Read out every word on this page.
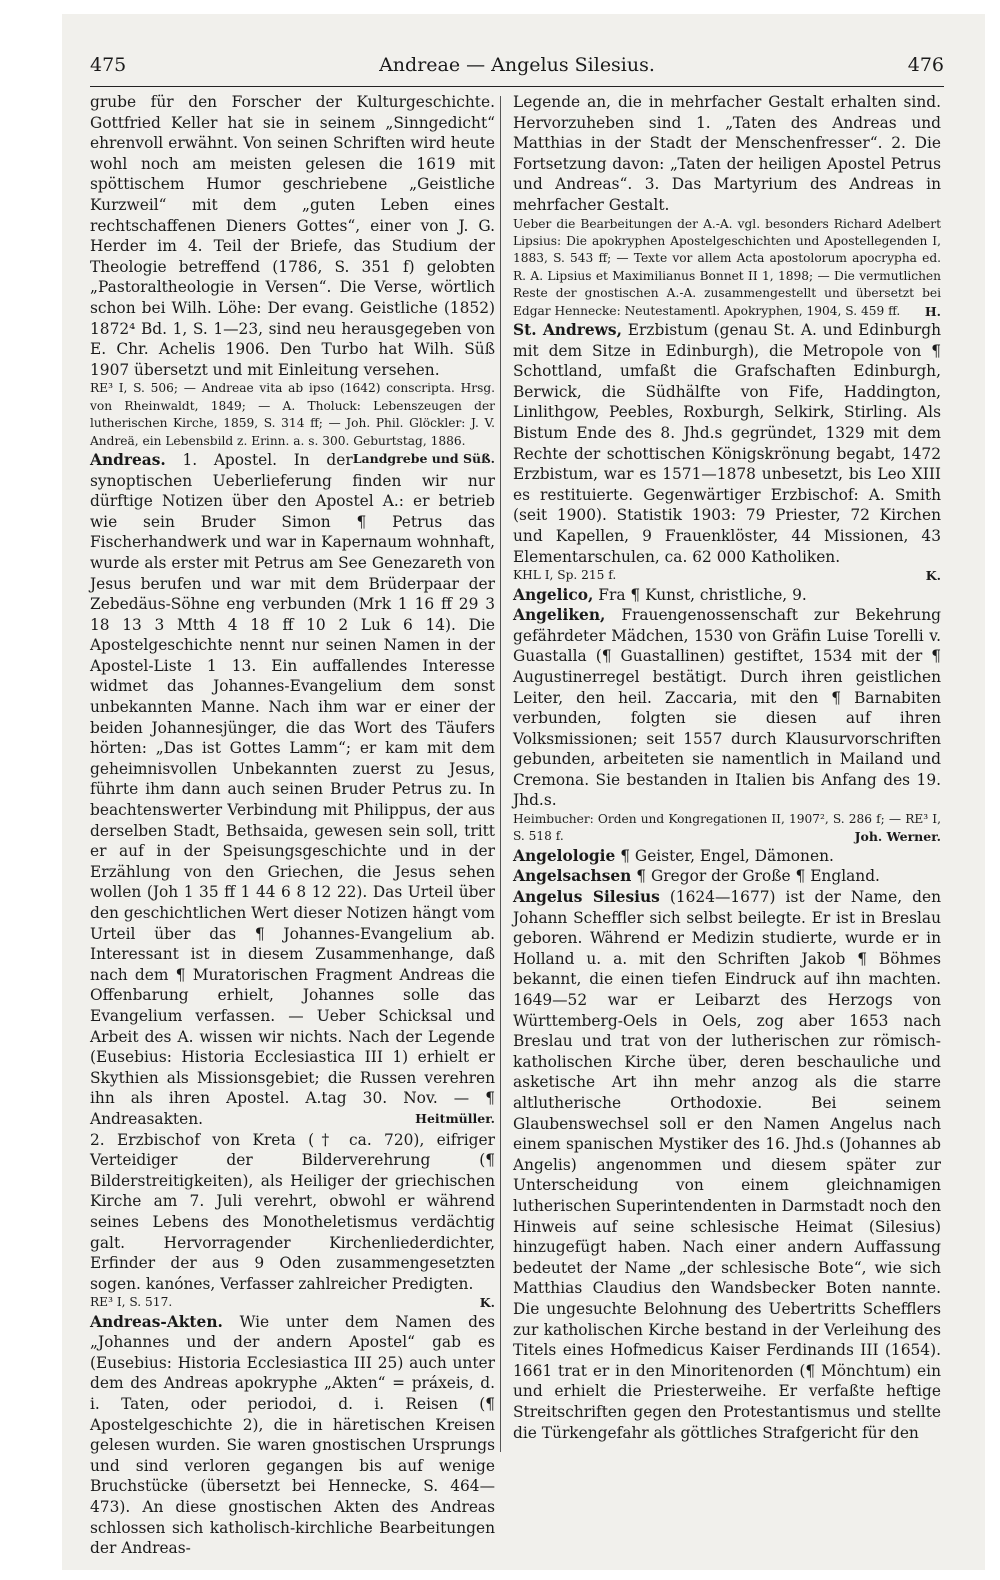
475	Andreae — Angelus Silesius.	476

grube für den Forscher der Kulturgeschichte. Gottfried Keller hat sie in seinem „Sinngedicht“ ehrenvoll erwähnt. Von seinen Schriften wird heute wohl noch am meisten gelesen die 1619 mit spöttischem Humor geschriebene „Geistliche Kurzweil“ mit dem „guten Leben eines rechtschaffenen Dieners Gottes“, einer von J. G. Herder im 4. Teil der Briefe, das Studium der Theologie betreffend (1786, S. 351 f) gelobten „Pastoraltheologie in Versen“. Die Verse, wörtlich schon bei Wilh. Löhe: Der evang. Geistliche (1852) 1872⁴ Bd. 1, S. 1—23, sind neu herausgegeben von E. Chr. Achelis 1906. Den Turbo hat Wilh. Süß 1907 übersetzt und mit Einleitung versehen.

RE³ I, S. 506; — Andreae vita ab ipso (1642) conscripta. Hrsg. von Rheinwaldt, 1849; — A. Tholuck: Lebenszeugen der lutherischen Kirche, 1859, S. 314 ff; — Joh. Phil. Glöckler: J. V. Andreä, ein Lebensbild z. Erinn. a. s. 300. Geburtstag, 1886.
Landgrebe und Süß.

Andreas. 1. Apostel. In der synoptischen Ueberlieferung finden wir nur dürftige Notizen über den Apostel A.: er betrieb wie sein Bruder Simon ¶ Petrus das Fischerhandwerk und war in Kapernaum wohnhaft, wurde als erster mit Petrus am See Genezareth von Jesus berufen und war mit dem Brüderpaar der Zebedäus-Söhne eng verbunden (Mrk 1 16 ff 29 3 18 13 3 Mtth 4 18 ff 10 2 Luk 6 14). Die Apostelgeschichte nennt nur seinen Namen in der Apostel-Liste 1 13. Ein auffallendes Interesse widmet das Johannes-Evangelium dem sonst unbekannten Manne. Nach ihm war er einer der beiden Johannesjünger, die das Wort des Täufers hörten: „Das ist Gottes Lamm“; er kam mit dem geheimnisvollen Unbekannten zuerst zu Jesus, führte ihm dann auch seinen Bruder Petrus zu. In beachtenswerter Verbindung mit Philippus, der aus derselben Stadt, Bethsaida, gewesen sein soll, tritt er auf in der Speisungsgeschichte und in der Erzählung von den Griechen, die Jesus sehen wollen (Joh 1 35 ff 1 44 6 8 12 22). Das Urteil über den geschichtlichen Wert dieser Notizen hängt vom Urteil über das ¶ Johannes-Evangelium ab. Interessant ist in diesem Zusammenhange, daß nach dem ¶ Muratorischen Fragment Andreas die Offenbarung erhielt, Johannes solle das Evangelium verfassen. — Ueber Schicksal und Arbeit des A. wissen wir nichts. Nach der Legende (Eusebius: Historia Ecclesiastica III 1) erhielt er Skythien als Missionsgebiet; die Russen verehren ihn als ihren Apostel. A.tag 30. Nov. — ¶ Andreasakten.	Heitmüller.

2. Erzbischof von Kreta († ca. 720), eifriger Verteidiger der Bilderverehrung (¶ Bilderstreitigkeiten), als Heiliger der griechischen Kirche am 7. Juli verehrt, obwohl er während seines Lebens des Monotheletismus verdächtig galt. Hervorragender Kirchenliederdichter, Erfinder der aus 9 Oden zusammengesetzten sogen. kanónes, Verfasser zahlreicher Predigten.

RE³ I, S. 517.	K.

Andreas-Akten. Wie unter dem Namen des „Johannes und der andern Apostel“ gab es (Eusebius: Historia Ecclesiastica III 25) auch unter dem des Andreas apokryphe „Akten“ = práxeis, d. i. Taten, oder periodoi, d. i. Reisen (¶ Apostelgeschichte 2), die in häretischen Kreisen gelesen wurden. Sie waren gnostischen Ursprungs und sind verloren gegangen bis auf wenige Bruchstücke (übersetzt bei Hennecke, S. 464—473). An diese gnostischen Akten des Andreas schlossen sich katholisch-kirchliche Bearbeitungen der Andreas-

Legende an, die in mehrfacher Gestalt erhalten sind. Hervorzuheben sind 1. „Taten des Andreas und Matthias in der Stadt der Menschenfresser“. 2. Die Fortsetzung davon: „Taten der heiligen Apostel Petrus und Andreas“. 3. Das Martyrium des Andreas in mehrfacher Gestalt.

Ueber die Bearbeitungen der A.-A. vgl. besonders Richard Adelbert Lipsius: Die apokryphen Apostelgeschichten und Apostellegenden I, 1883, S. 543 ff; — Texte vor allem Acta apostolorum apocrypha ed. R. A. Lipsius et Maximilianus Bonnet II 1, 1898; — Die vermutlichen Reste der gnostischen A.-A. zusammengestellt und übersetzt bei Edgar Hennecke: Neutestamentl. Apokryphen, 1904, S. 459 ff. H.

St. Andrews, Erzbistum (genau St. A. und Edinburgh mit dem Sitze in Edinburgh), die Metropole von ¶ Schottland, umfaßt die Grafschaften Edinburgh, Berwick, die Südhälfte von Fife, Haddington, Linlithgow, Peebles, Roxburgh, Selkirk, Stirling. Als Bistum Ende des 8. Jhd.s gegründet, 1329 mit dem Rechte der schottischen Königskrönung begabt, 1472 Erzbistum, war es 1571—1878 unbesetzt, bis Leo XIII es restituierte. Gegenwärtiger Erzbischof: A. Smith (seit 1900). Statistik 1903: 79 Priester, 72 Kirchen und Kapellen, 9 Frauenklöster, 44 Missionen, 43 Elementarschulen, ca. 62 000 Katholiken.

KHL I, Sp. 215 f.	K.

Angelico, Fra ¶ Kunst, christliche, 9.

Angeliken, Frauengenossenschaft zur Bekehrung gefährdeter Mädchen, 1530 von Gräfin Luise Torelli v. Guastalla (¶ Guastallinen) gestiftet, 1534 mit der ¶ Augustinerregel bestätigt. Durch ihren geistlichen Leiter, den heil. Zaccaria, mit den ¶ Barnabiten verbunden, folgten sie diesen auf ihren Volksmissionen; seit 1557 durch Klausurvorschriften gebunden, arbeiteten sie namentlich in Mailand und Cremona. Sie bestanden in Italien bis Anfang des 19. Jhd.s.

Heimbucher: Orden und Kongregationen II, 1907², S. 286 f; — RE³ I, S. 518 f.	Joh. Werner.

Angelologie ¶ Geister, Engel, Dämonen.

Angelsachsen ¶ Gregor der Große ¶ England.

Angelus Silesius (1624—1677) ist der Name, den Johann Scheffler sich selbst beilegte. Er ist in Breslau geboren. Während er Medizin studierte, wurde er in Holland u. a. mit den Schriften Jakob ¶ Böhmes bekannt, die einen tiefen Eindruck auf ihn machten. 1649—52 war er Leibarzt des Herzogs von Württemberg-Oels in Oels, zog aber 1653 nach Breslau und trat von der lutherischen zur römisch-katholischen Kirche über, deren beschauliche und asketische Art ihn mehr anzog als die starre altlutherische Orthodoxie. Bei seinem Glaubenswechsel soll er den Namen Angelus nach einem spanischen Mystiker des 16. Jhd.s (Johannes ab Angelis) angenommen und diesem später zur Unterscheidung von einem gleichnamigen lutherischen Superintendenten in Darmstadt noch den Hinweis auf seine schlesische Heimat (Silesius) hinzugefügt haben. Nach einer andern Auffassung bedeutet der Name „der schlesische Bote“, wie sich Matthias Claudius den Wandsbecker Boten nannte. Die ungesuchte Belohnung des Uebertritts Schefflers zur katholischen Kirche bestand in der Verleihung des Titels eines Hofmedicus Kaiser Ferdinands III (1654). 1661 trat er in den Minoritenorden (¶ Mönchtum) ein und erhielt die Priesterweihe. Er verfaßte heftige Streitschriften gegen den Protestantismus und stellte die Türkengefahr als göttliches Strafgericht für den
